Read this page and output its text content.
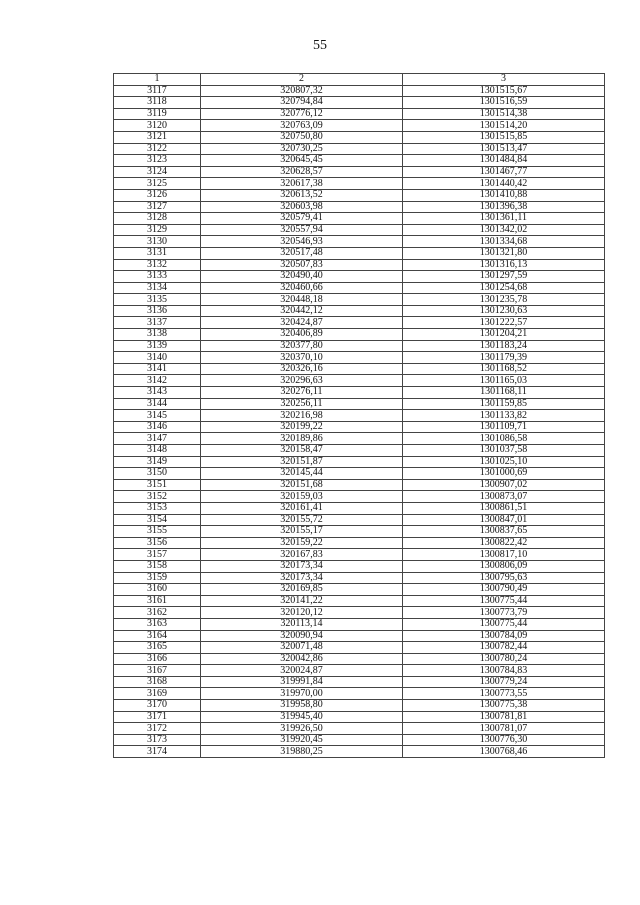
55
1	2	3
3117	320807,32	1301515,67
3118	320794,84	1301516,59
3119	320776,12	1301514,38
3120	320763,09	1301514,20
3121	320750,80	1301515,85
3122	320730,25	1301513,47
3123	320645,45	1301484,84
3124	320628,57	1301467,77
3125	320617,38	1301440,42
3126	320613,52	1301410,88
3127	320603,98	1301396,38
3128	320579,41	1301361,11
3129	320557,94	1301342,02
3130	320546,93	1301334,68
3131	320517,48	1301321,80
3132	320507,83	1301316,13
3133	320490,40	1301297,59
3134	320460,66	1301254,68
3135	320448,18	1301235,78
3136	320442,12	1301230,63
3137	320424,87	1301222,57
3138	320406,89	1301204,21
3139	320377,80	1301183,24
3140	320370,10	1301179,39
3141	320326,16	1301168,52
3142	320296,63	1301165,03
3143	320276,11	1301168,11
3144	320256,11	1301159,85
3145	320216,98	1301133,82
3146	320199,22	1301109,71
3147	320189,86	1301086,58
3148	320158,47	1301037,58
3149	320151,87	1301025,10
3150	320145,44	1301000,69
3151	320151,68	1300907,02
3152	320159,03	1300873,07
3153	320161,41	1300861,51
3154	320155,72	1300847,01
3155	320155,17	1300837,65
3156	320159,22	1300822,42
3157	320167,83	1300817,10
3158	320173,34	1300806,09
3159	320173,34	1300795,63
3160	320169,85	1300790,49
3161	320141,22	1300775,44
3162	320120,12	1300773,79
3163	320113,14	1300775,44
3164	320090,94	1300784,09
3165	320071,48	1300782,44
3166	320042,86	1300780,24
3167	320024,87	1300784,83
3168	319991,84	1300779,24
3169	319970,00	1300773,55
3170	319958,80	1300775,38
3171	319945,40	1300781,81
3172	319926,50	1300781,07
3173	319920,45	1300776,30
3174	319880,25	1300768,46
